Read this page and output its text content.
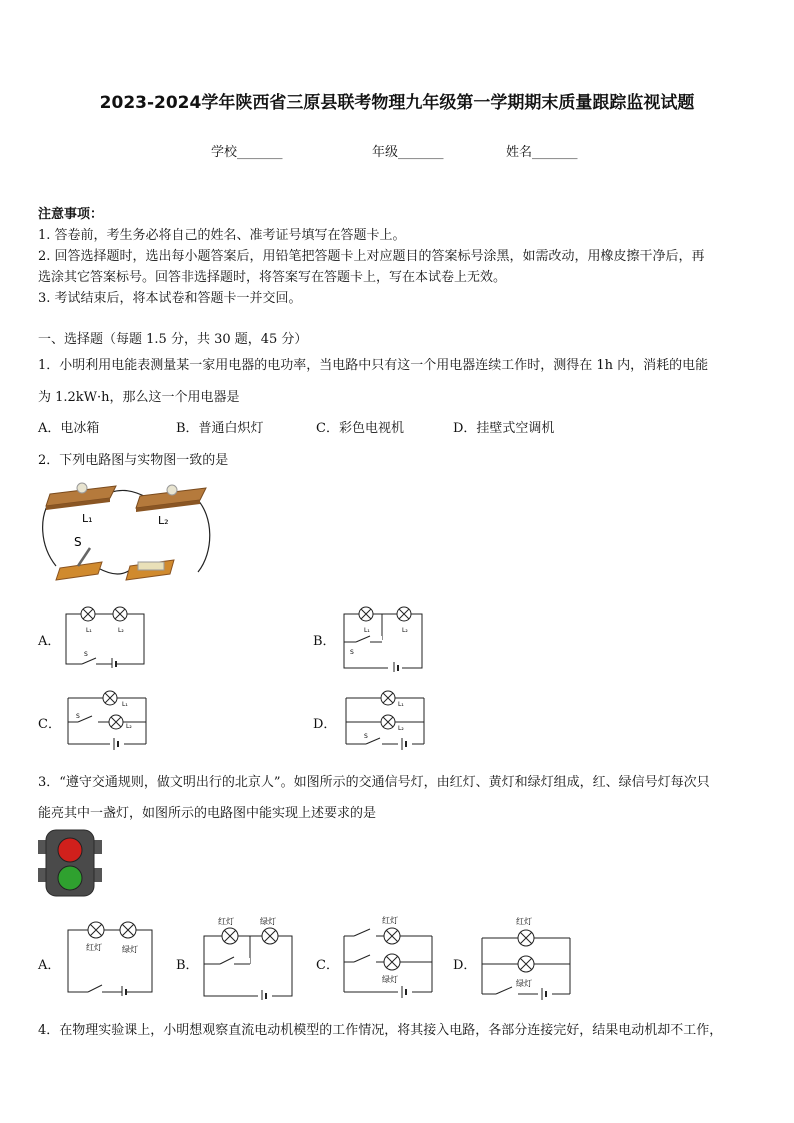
2023-2024学年陕西省三原县联考物理九年级第一学期期末质量跟踪监视试题
学校_______	年级_______	姓名_______
注意事项：
1. 答卷前，考生务必将自己的姓名、准考证号填写在答题卡上。
2. 回答选择题时，选出每小题答案后，用铅笔把答题卡上对应题目的答案标号涂黑，如需改动，用橡皮擦干净后，再
选涂其它答案标号。回答非选择题时，将答案写在答题卡上，写在本试卷上无效。
3. 考试结束后，将本试卷和答题卡一并交回。
一、选择题（每题 1.5 分，共 30 题，45 分）
1．小明利用电能表测量某一家用电器的电功率，当电路中只有这一个用电器连续工作时，测得在 1h 内，消耗的电能
为 1.2kW·h，那么这一个用电器是
A．电冰箱	B．普通白炽灯	C．彩色电视机	D．挂壁式空调机
2．下列电路图与实物图一致的是
L₁	L₂
S
A．	B．
C．	D．
L₁	L₂
S
L₁	L₂
S
L₁
L₂
S
L₁
L₂
S
3．“遵守交通规则，做文明出行的北京人”。如图所示的交通信号灯，由红灯、黄灯和绿灯组成，红、绿信号灯每次只
能亮其中一盏灯，如图所示的电路图中能实现上述要求的是
A．	B．	C．	D．
红灯	绿灯
红灯	绿灯	红灯
绿灯
红灯
绿灯
4．在物理实验课上，小明想观察直流电动机模型的工作情况，将其接入电路，各部分连接完好，结果电动机却不工作，
